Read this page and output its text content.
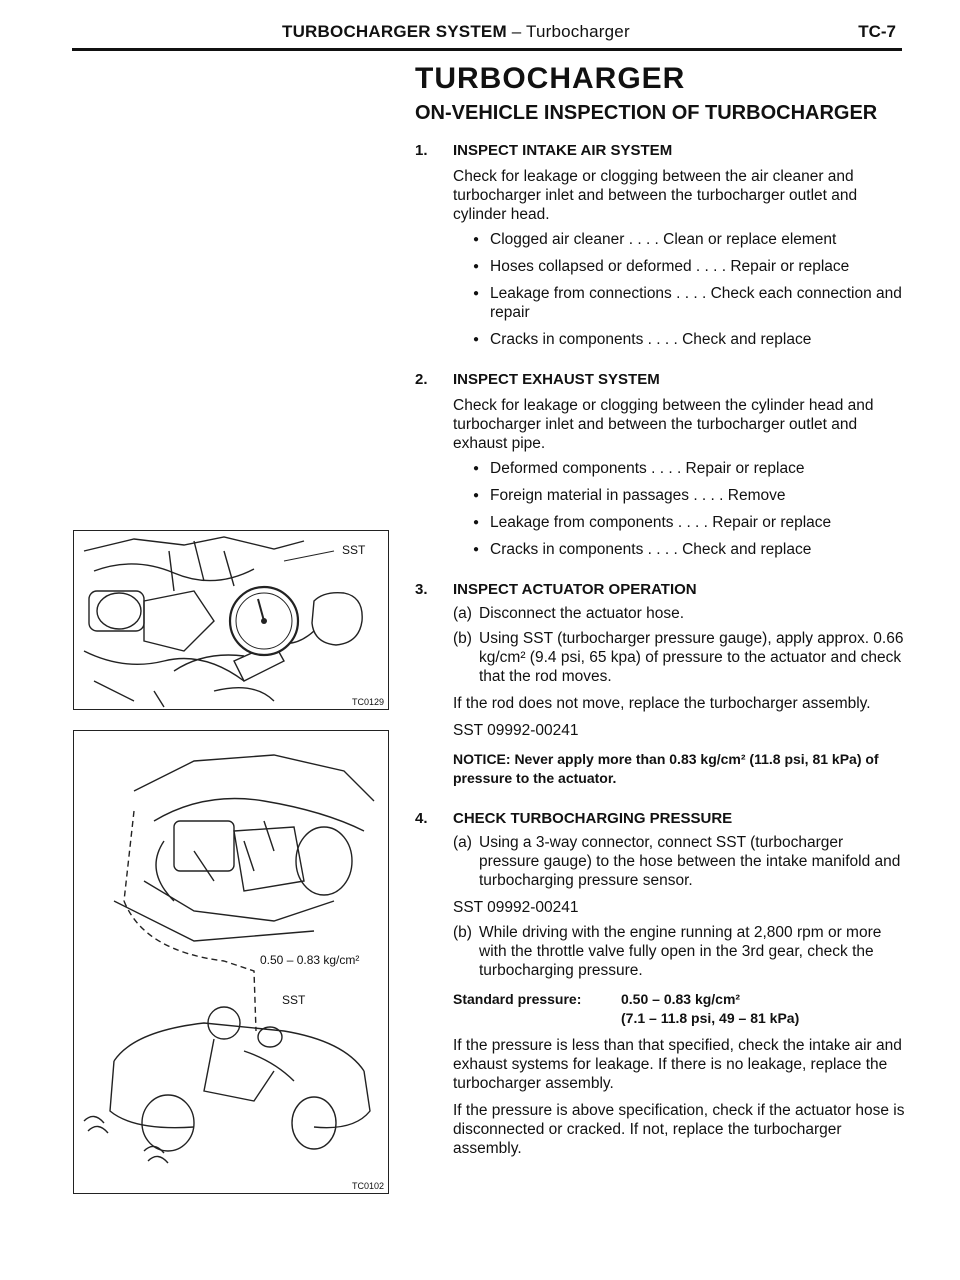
TURBOCHARGER SYSTEM – Turbocharger	TC-7
TURBOCHARGER
ON-VEHICLE INSPECTION OF TURBOCHARGER
1.	INSPECT INTAKE AIR SYSTEM
Check for leakage or clogging between the air cleaner and turbocharger inlet and between the turbocharger outlet and cylinder head.
● Clogged air cleaner . . . . Clean or replace element
● Hoses collapsed or deformed . . . . Repair or replace
● Leakage from connections . . . . Check each connection and repair
● Cracks in components . . . . Check and replace
2.	INSPECT EXHAUST SYSTEM
Check for leakage or clogging between the cylinder head and turbocharger inlet and between the turbocharger outlet and exhaust pipe.
● Deformed components . . . . Repair or replace
● Foreign material in passages . . . . Remove
● Leakage from components . . . . Repair or replace
● Cracks in components . . . . Check and replace
3.	INSPECT ACTUATOR OPERATION
(a) Disconnect the actuator hose.
(b) Using SST (turbocharger pressure gauge), apply approx. 0.66 kg/cm² (9.4 psi, 65 kpa) of pressure to the actuator and check that the rod moves.
If the rod does not move, replace the turbocharger assembly.
SST 09992-00241
NOTICE: Never apply more than 0.83 kg/cm² (11.8 psi, 81 kPa) of pressure to the actuator.
4.	CHECK TURBOCHARGING PRESSURE
(a) Using a 3-way connector, connect SST (turbocharger pressure gauge) to the hose between the intake manifold and turbocharging pressure sensor.
SST 09992-00241
(b) While driving with the engine running at 2,800 rpm or more with the throttle valve fully open in the 3rd gear, check the turbocharging pressure.
Standard pressure:	0.50 – 0.83 kg/cm²
(7.1 – 11.8 psi, 49 – 81 kPa)
If the pressure is less than that specified, check the intake air and exhaust systems for leakage. If there is no leakage, replace the turbocharger assembly.
If the pressure is above specification, check if the actuator hose is disconnected or cracked. If not, replace the turbocharger assembly.
SST
TC0129
0.50 – 0.83 kg/cm²
SST
TC0102
